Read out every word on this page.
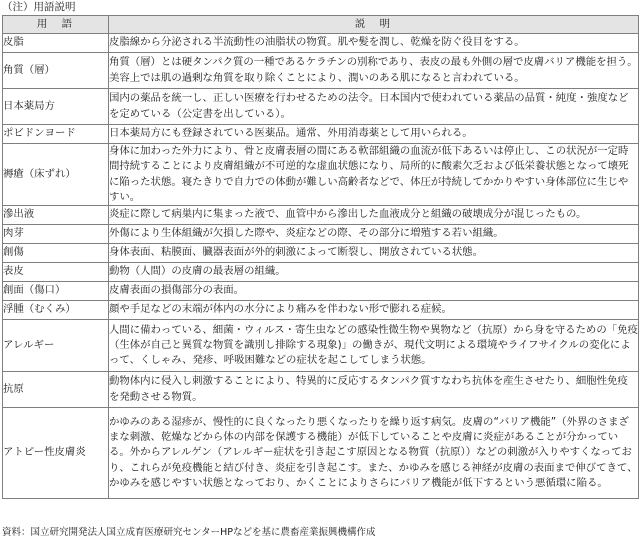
（注）用語説明
用　語	説　明
皮脂	皮脂線から分泌される半流動性の油脂状の物質。肌や髪を潤し、乾燥を防ぐ役目をする。
角質（層）	角質（層）とは硬タンパク質の一種であるケラチンの別称であり、表皮の最も外側の層で皮膚バリア機能を担う。美容上では肌の過剰な角質を取り除くことにより、潤いのある肌になると言われている。
日本薬局方	国内の薬品を統一し、正しい医療を行わせるための法令。日本国内で使われている薬品の品質・純度・強度などを定めている（公定書を出している）。
ポビドンヨード	日本薬局方にも登録されている医薬品。通常、外用消毒薬として用いられる。
褥瘡（床ずれ）	身体に加わった外力により、骨と皮膚表層の間にある軟部組織の血流が低下あるいは停止し、この状況が一定時間持続することにより皮膚組織が不可逆的な虚血状態になり、局所的に酸素欠乏および低栄養状態となって壊死に陥った状態。寝たきりで自力での体動が難しい高齢者などで、体圧が持続してかかりやすい身体部位に生じやすい。
滲出液	炎症に際して病巣内に集まった液で、血管中から滲出した血液成分と組織の破壊成分が混じったもの。
肉芽	外傷により生体組織が欠損した際や、炎症などの際、その部分に増殖する若い組織。
創傷	身体表面、粘膜面、臓器表面が外的刺激によって断裂し、開放されている状態。
表皮	動物（人間）の皮膚の最表層の組織。
創面（傷口）	皮膚表面の損傷部分の表面。
浮腫（むくみ）	顔や手足などの末端が体内の水分により痛みを伴わない形で膨れる症候。
アレルギー	人間に備わっている、細菌・ウィルス・寄生虫などの感染性微生物や異物など（抗原）から身を守るための「免疫（生体が自己と異質な物質を識別し排除する現象)」の働きが、現代文明による環境やライフサイクルの変化によって、くしゃみ、発疹、呼吸困難などの症状を起こしてしまう状態。
抗原	動物体内に侵入し刺激することにより、特異的に反応するタンパク質すなわち抗体を産生させたり、細胞性免疫を発動させる物質。
アトピー性皮膚炎	かゆみのある湿疹が、慢性的に良くなったり悪くなったりを繰り返す病気。皮膚の“バリア機能”（外界のさまざまな刺激、乾燥などから体の内部を保護する機能）が低下していることや皮膚に炎症があることが分かっている。外からアレルゲン（アレルギー症状を引き起こす原因となる物質（抗原））などの刺激が入りやすくなっており、これらが免疫機能と結び付き、炎症を引き起こす。また、かゆみを感じる神経が皮膚の表面まで伸びてきて、かゆみを感じやすい状態となっており、かくことによりさらにバリア機能が低下するという悪循環に陥る。
資料：国立研究開発法人国立成育医療研究センターHPなどを基に農畜産業振興機構作成
